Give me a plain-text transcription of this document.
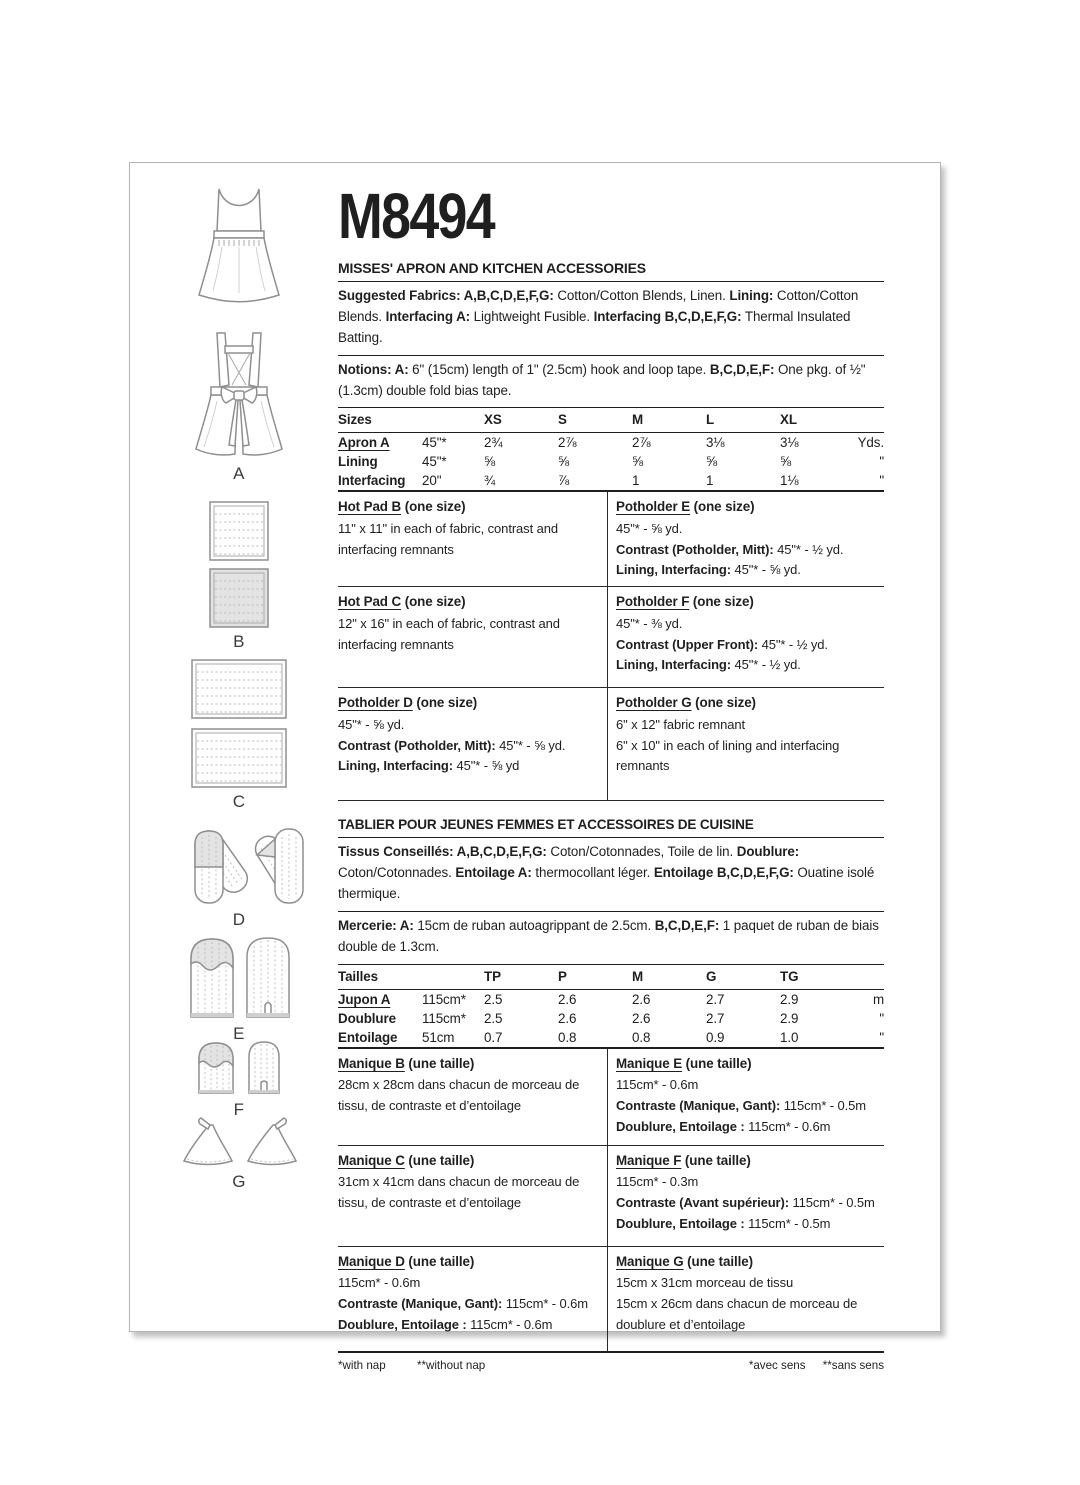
A
B
C
D
E
F
G
M8494
MISSES' APRON AND KITCHEN ACCESSORIES

Suggested Fabrics: A,B,C,D,E,F,G: Cotton/Cotton Blends, Linen. Lining: Cotton/Cotton Blends. Interfacing A: Lightweight Fusible. Interfacing B,C,D,E,F,G: Thermal Insulated Batting.

Notions: A: 6" (15cm) length of 1" (2.5cm) hook and loop tape. B,C,D,E,F: One pkg. of ½" (1.3cm) double fold bias tape.

Sizes	XS	S	M	L	XL
Apron A	45"*	2¾	2⅞	2⅞	3⅛	3⅛	Yds.
Lining	45"*	⅝	⅝	⅝	⅝	⅝	"
Interfacing	20"	¾	⅞	1	1	1⅛	"
Hot Pad B (one size)
11" x 11" in each of fabric, contrast and interfacing remnants
Potholder E (one size)
45"* - ⅝ yd.
Contrast (Potholder, Mitt): 45"* - ½ yd.
Lining, Interfacing: 45"* - ⅝ yd.
Hot Pad C (one size)
12" x 16" in each of fabric, contrast and interfacing remnants
Potholder F (one size)
45"* - ⅜ yd.
Contrast (Upper Front): 45"* - ½ yd.
Lining, Interfacing: 45"* - ½ yd.
Potholder D (one size)
45"* - ⅝ yd.
Contrast (Potholder, Mitt): 45"* - ⅝ yd.
Lining, Interfacing: 45"* - ⅝ yd
Potholder G (one size)
6" x 12" fabric remnant
6" x 10" in each of lining and interfacing remnants
TABLIER POUR JEUNES FEMMES ET ACCESSOIRES DE CUISINE

Tissus Conseillés: A,B,C,D,E,F,G: Coton/Cotonnades, Toile de lin. Doublure: Coton/Cotonnades. Entoilage A: thermocollant léger. Entoilage B,C,D,E,F,G: Ouatine isolé thermique.

Mercerie: A: 15cm de ruban autoagrippant de 2.5cm. B,C,D,E,F: 1 paquet de ruban de biais double de 1.3cm.

Tailles	TP	P	M	G	TG
Jupon A	115cm*	2.5	2.6	2.6	2.7	2.9	m
Doublure	115cm*	2.5	2.6	2.6	2.7	2.9	"
Entoilage	51cm	0.7	0.8	0.8	0.9	1.0	"
Manique B (une taille)
28cm x 28cm dans chacun de morceau de tissu, de contraste et d’entoilage
Manique E (une taille)
115cm* - 0.6m
Contraste (Manique, Gant): 115cm* - 0.5m
Doublure, Entoilage : 115cm* - 0.6m
Manique C (une taille)
31cm x 41cm dans chacun de morceau de tissu, de contraste et d’entoilage
Manique F (une taille)
115cm* - 0.3m
Contraste (Avant supérieur): 115cm* - 0.5m
Doublure, Entoilage : 115cm* - 0.5m
Manique D (une taille)
115cm* - 0.6m
Contraste (Manique, Gant): 115cm* - 0.6m
Doublure, Entoilage : 115cm* - 0.6m
Manique G (une taille)
15cm x 31cm morceau de tissu
15cm x 26cm dans chacun de morceau de doublure et d’entoilage
*with nap	**without nap	*avec sens **sans sens
